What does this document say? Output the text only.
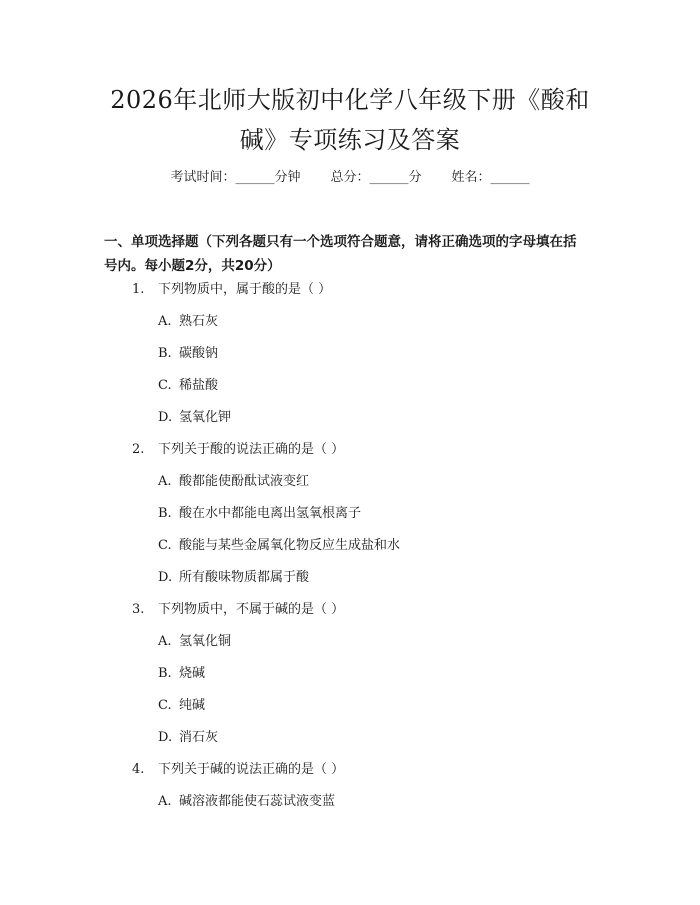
2026年北师大版初中化学八年级下册《酸和
碱》专项练习及答案
考试时间：______分钟 总分：______分 姓名：______
一、单项选择题（下列各题只有一个选项符合题意，请将正确选项的字母填在括
号内。每小题2分，共20分）
1. 下列物质中，属于酸的是（ ）
A. 熟石灰
B. 碳酸钠
C. 稀盐酸
D. 氢氧化钾
2. 下列关于酸的说法正确的是（ ）
A. 酸都能使酚酞试液变红
B. 酸在水中都能电离出氢氧根离子
C. 酸能与某些金属氧化物反应生成盐和水
D. 所有酸味物质都属于酸
3. 下列物质中，不属于碱的是（ ）
A. 氢氧化铜
B. 烧碱
C. 纯碱
D. 消石灰
4. 下列关于碱的说法正确的是（ ）
A. 碱溶液都能使石蕊试液变蓝
